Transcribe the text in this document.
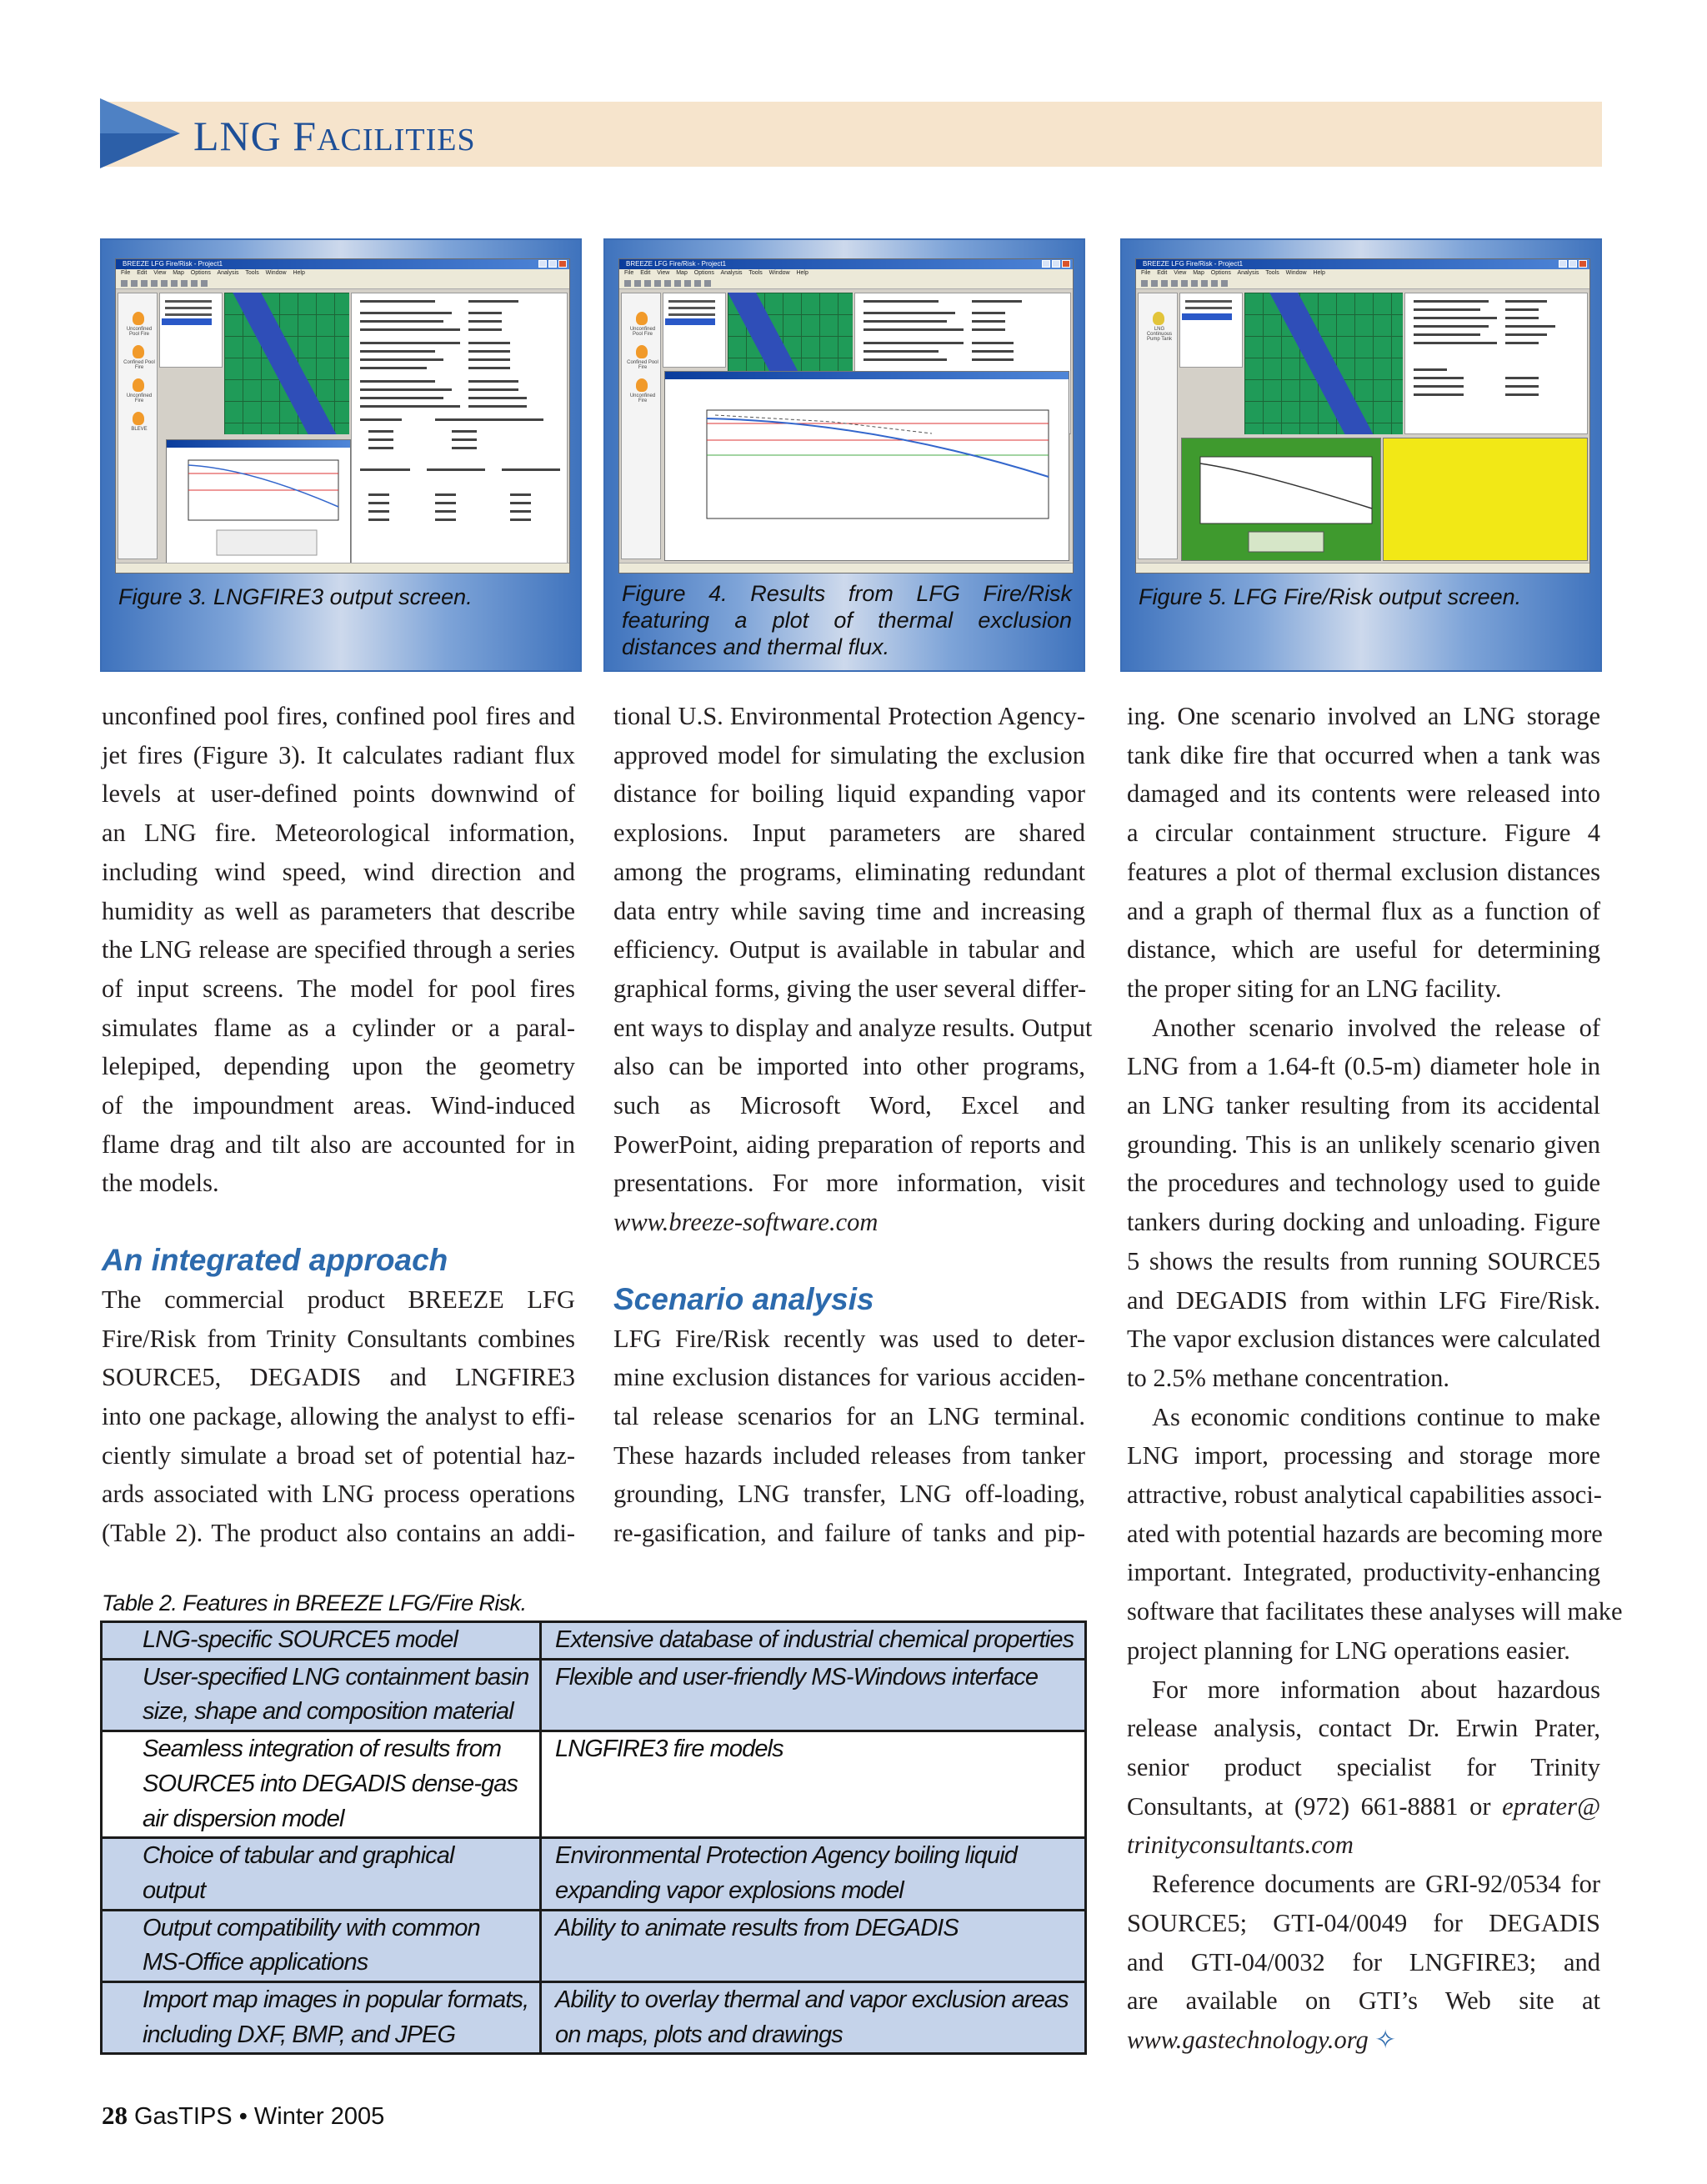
LNG FACILITIES
BREEZE LFG Fire/Risk - Project1
File Edit View Map Options Analysis Tools Window Help
Unconfined Pool Fire
Confined Pool Fire
Unconfined Fire
BLEVE
Figure 3. LNGFIRE3 output screen.
BREEZE LFG Fire/Risk - Project1
File Edit View Map Options Analysis Tools Window Help
Unconfined Pool Fire
Confined Pool Fire
Unconfined Fire
Figure 4. Results from LFG Fire/Risk featuring a plot of thermal exclusion distances and thermal flux.
BREEZE LFG Fire/Risk - Project1
File Edit View Map Options Analysis Tools Window Help
LNG Continuous Pump Tank
Figure 5. LFG Fire/Risk output screen.

unconfined pool fires, confined pool fires and
jet fires (Figure 3). It calculates radiant flux
levels at user-defined points downwind of
an LNG fire. Meteorological information,
including wind speed, wind direction and
humidity as well as parameters that describe
the LNG release are specified through a series
of input screens. The model for pool fires
simulates flame as a cylinder or a paral-
lelepiped, depending upon the geometry
of the impoundment areas. Wind-induced
flame drag and tilt also are accounted for in
the models.

An integrated approach

The commercial product BREEZE LFG
Fire/Risk from Trinity Consultants combines
SOURCE5, DEGADIS and LNGFIRE3
into one package, allowing the analyst to effi-
ciently simulate a broad set of potential haz-
ards associated with LNG process operations
(Table 2). The product also contains an addi-

tional U.S. Environmental Protection Agency-
approved model for simulating the exclusion
distance for boiling liquid expanding vapor
explosions. Input parameters are shared
among the programs, eliminating redundant
data entry while saving time and increasing
efficiency. Output is available in tabular and
graphical forms, giving the user several differ-
ent ways to display and analyze results. Output
also can be imported into other programs,
such as Microsoft Word, Excel and
PowerPoint, aiding preparation of reports and
presentations. For more information, visit
www.breeze-software.com

Scenario analysis

LFG Fire/Risk recently was used to deter-
mine exclusion distances for various acciden-
tal release scenarios for an LNG terminal.
These hazards included releases from tanker
grounding, LNG transfer, LNG off-loading,
re-gasification, and failure of tanks and pip-

ing. One scenario involved an LNG storage
tank dike fire that occurred when a tank was
damaged and its contents were released into
a circular containment structure. Figure 4
features a plot of thermal exclusion distances
and a graph of thermal flux as a function of
distance, which are useful for determining
the proper siting for an LNG facility.

Another scenario involved the release of
LNG from a 1.64-ft (0.5-m) diameter hole in
an LNG tanker resulting from its accidental
grounding. This is an unlikely scenario given
the procedures and technology used to guide
tankers during docking and unloading. Figure
5 shows the results from running SOURCE5
and DEGADIS from within LFG Fire/Risk.
The vapor exclusion distances were calculated
to 2.5% methane concentration.

As economic conditions continue to make
LNG import, processing and storage more
attractive, robust analytical capabilities associ-
ated with potential hazards are becoming more
important. Integrated, productivity-enhancing
software that facilitates these analyses will make
project planning for LNG operations easier.

For more information about hazardous
release analysis, contact Dr. Erwin Prater,
senior product specialist for Trinity
Consultants, at (972) 661-8881 or eprater@
trinityconsultants.com

Reference documents are GRI-92/0534 for
SOURCE5; GTI-04/0049 for DEGADIS
and GTI-04/0032 for LNGFIRE3; and
are available on GTI’s Web site at
www.gastechnology.org ✧

Table 2. Features in BREEZE LFG/Fire Risk.
LNG-specific SOURCE5 model	Extensive database of industrial chemical properties
User-specified LNG containment basin
size, shape and composition material	Flexible and user-friendly MS-Windows interface
Seamless integration of results from
SOURCE5 into DEGADIS dense-gas
air dispersion model	LNGFIRE3 fire models
Choice of tabular and graphical
output	Environmental Protection Agency boiling liquid
expanding vapor explosions model
Output compatibility with common
MS-Office applications	Ability to animate results from DEGADIS
Import map images in popular formats,
including DXF, BMP, and JPEG	Ability to overlay thermal and vapor exclusion areas
on maps, plots and drawings
28 GasTIPS • Winter 2005
